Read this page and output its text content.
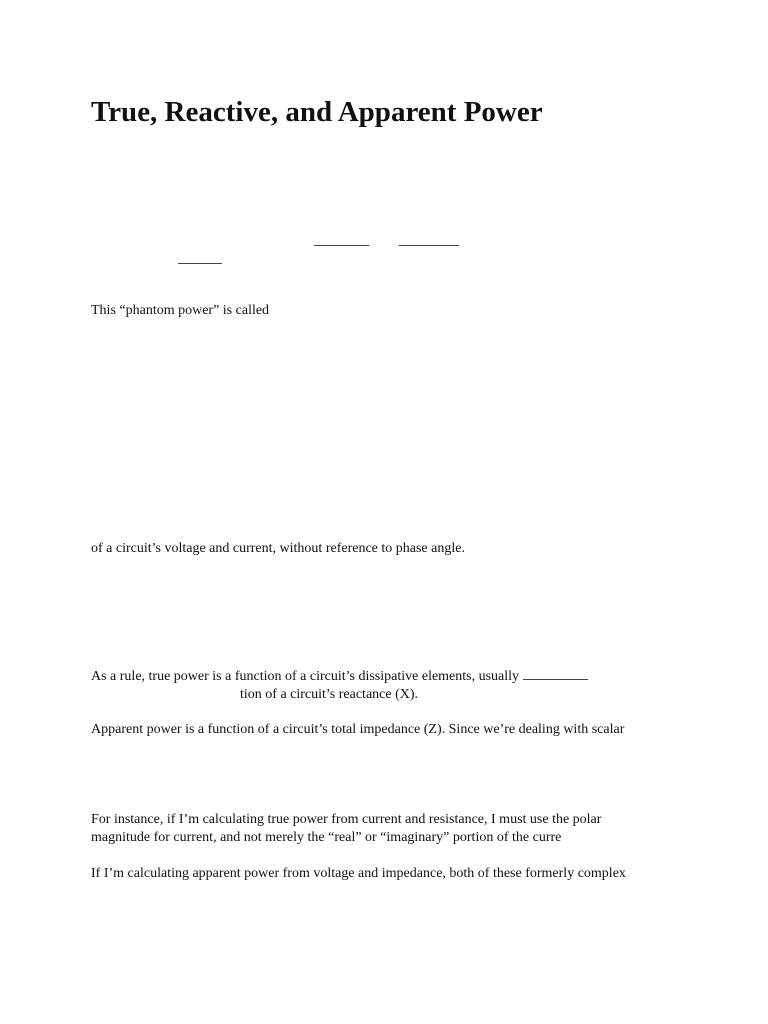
True, Reactive, and Apparent Power

This “phantom power” is called

of a circuit’s voltage and current, without reference to phase angle.

As a rule, true power is a function of a circuit’s dissipative elements, usually

tion of a circuit’s reactance (X).

Apparent power is a function of a circuit’s total impedance (Z). Since we’re dealing with scalar

For instance, if I’m calculating true power from current and resistance, I must use the polar

magnitude for current, and not merely the “real” or “imaginary” portion of the curre

If I’m calculating apparent power from voltage and impedance, both of these formerly complex
